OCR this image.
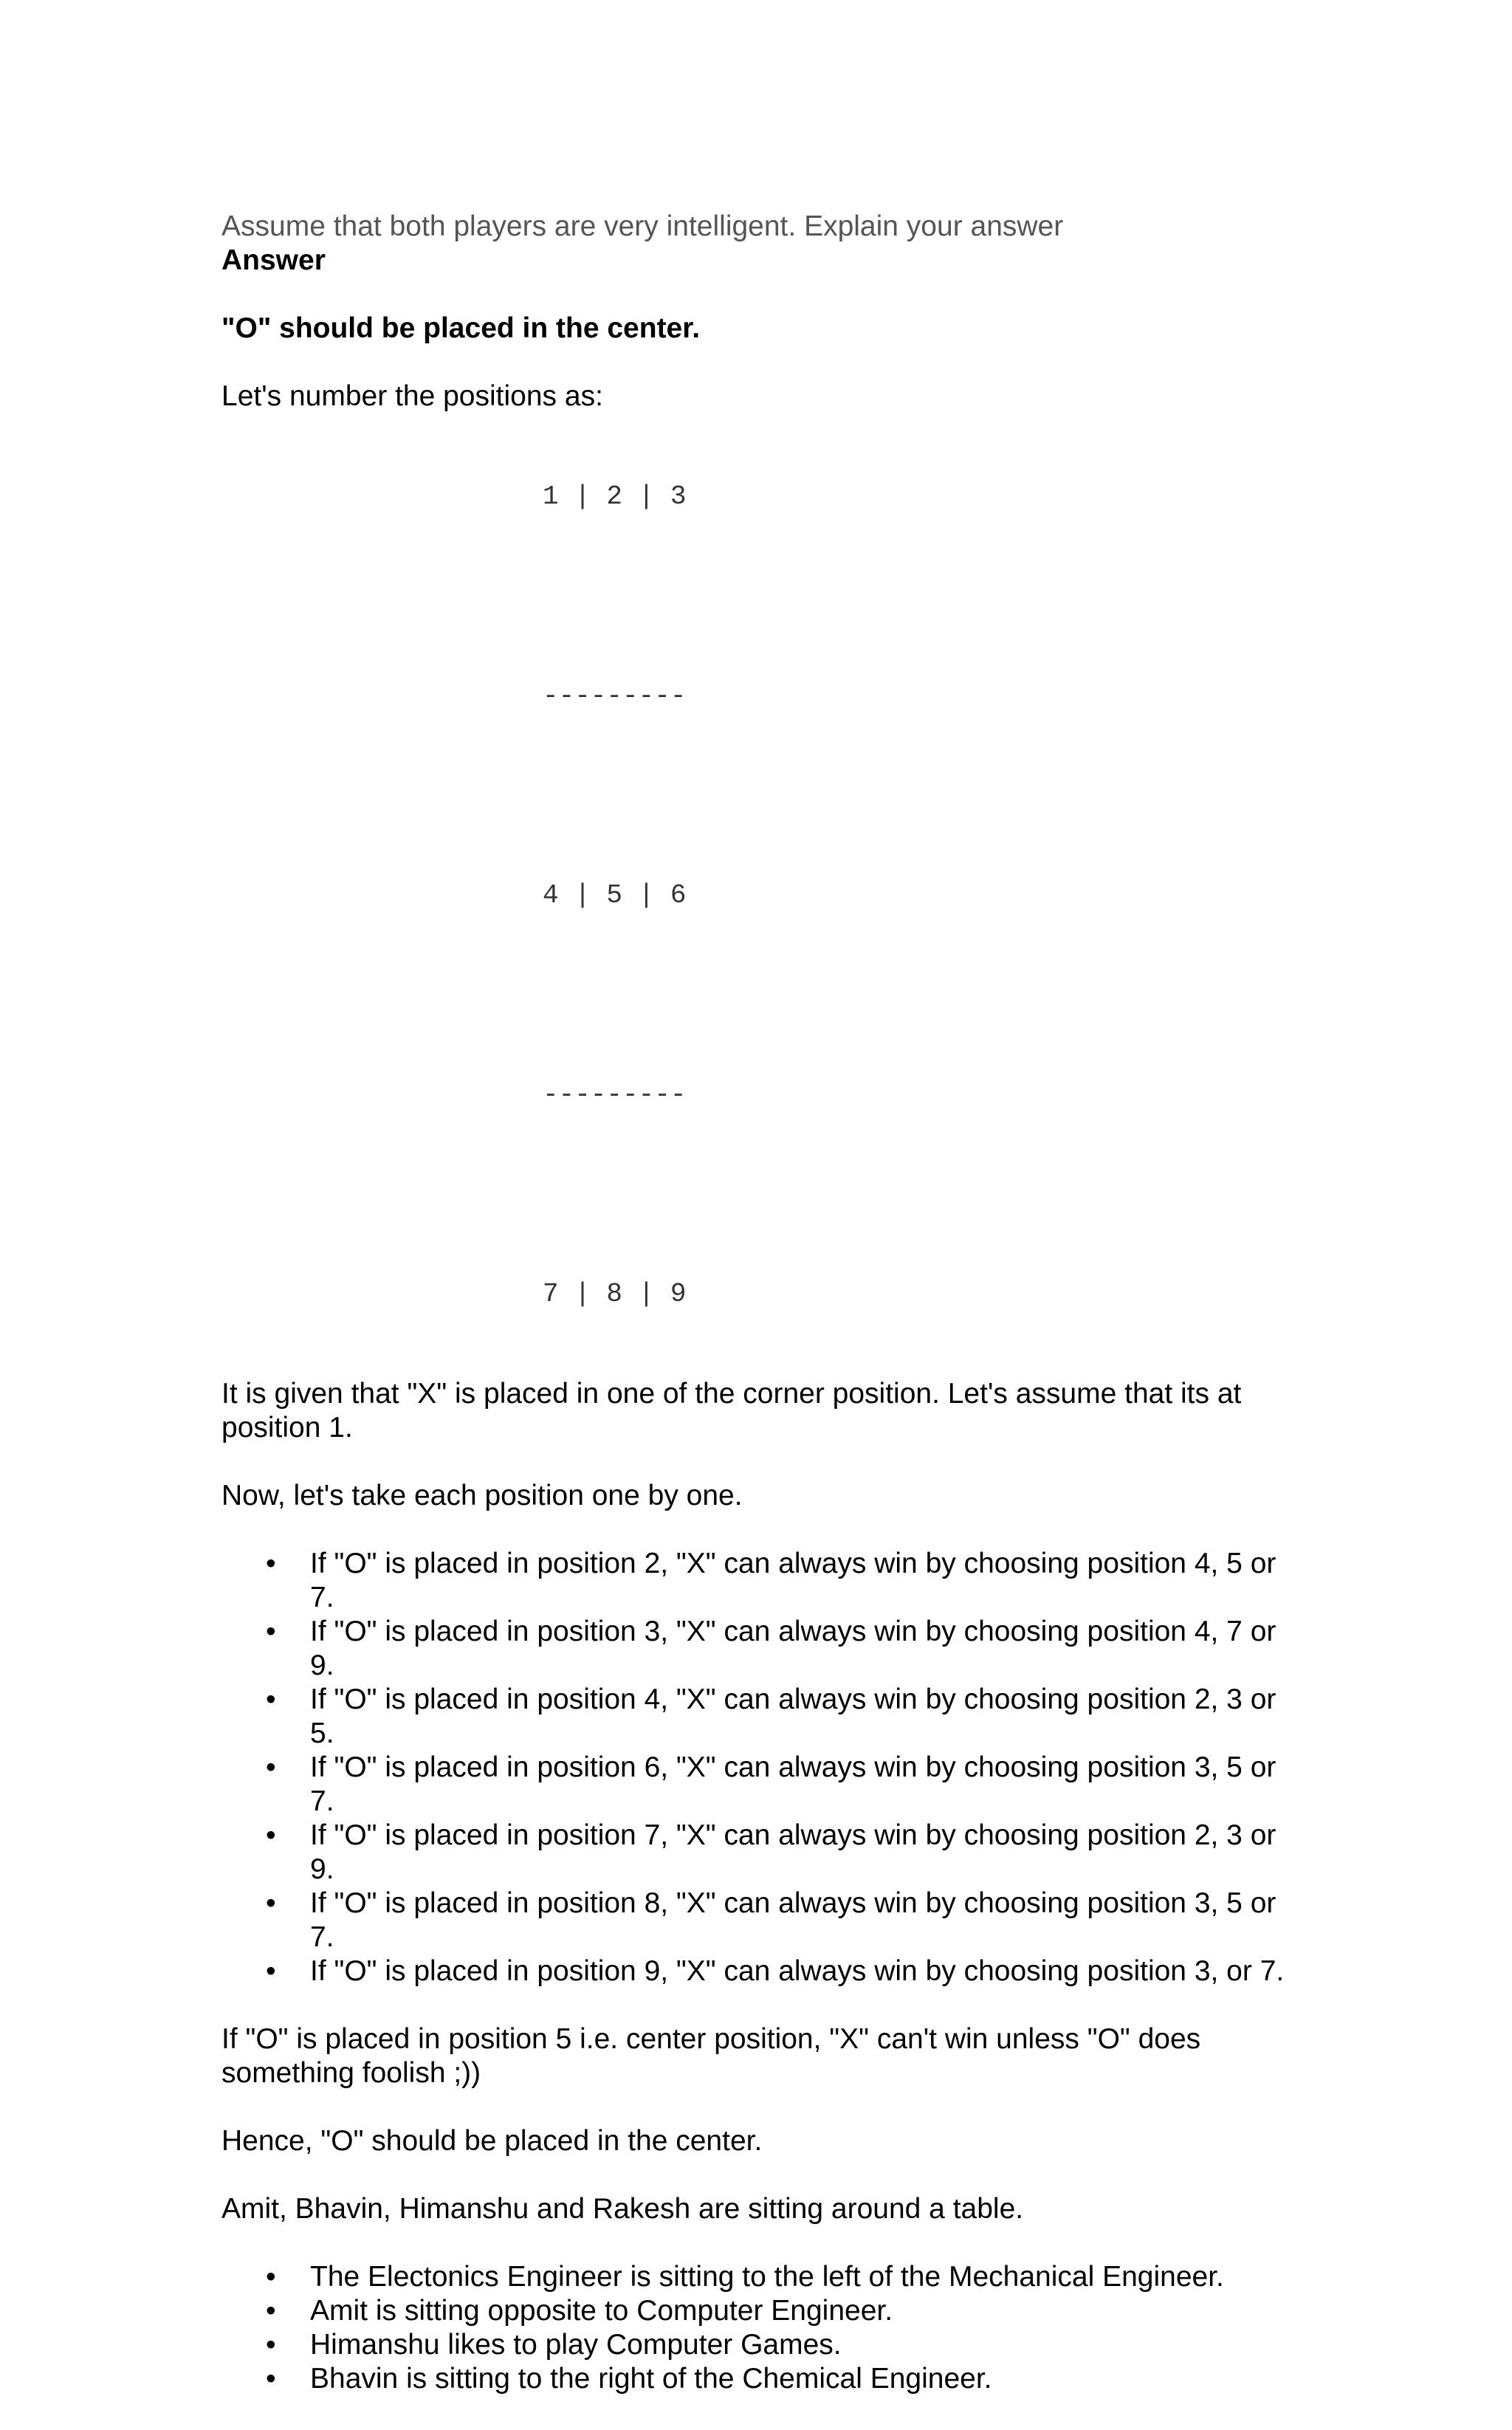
Assume that both players are very intelligent. Explain your answer

Answer

"O" should be placed in the center.

Let's number the positions as:

1 | 2 | 3

---------

4 | 5 | 6

---------

7 | 8 | 9

It is given that "X" is placed in one of the corner position. Let's assume that its at position 1.

Now, let's take each position one by one.

• If "O" is placed in position 2, "X" can always win by choosing position 4, 5 or 7.
• If "O" is placed in position 3, "X" can always win by choosing position 4, 7 or 9.
• If "O" is placed in position 4, "X" can always win by choosing position 2, 3 or 5.
• If "O" is placed in position 6, "X" can always win by choosing position 3, 5 or 7.
• If "O" is placed in position 7, "X" can always win by choosing position 2, 3 or 9.
• If "O" is placed in position 8, "X" can always win by choosing position 3, 5 or 7.
• If "O" is placed in position 9, "X" can always win by choosing position 3, or 7.

If "O" is placed in position 5 i.e. center position, "X" can't win unless "O" does something foolish ;))

Hence, "O" should be placed in the center.

Amit, Bhavin, Himanshu and Rakesh are sitting around a table.

• The Electonics Engineer is sitting to the left of the Mechanical Engineer.
• Amit is sitting opposite to Computer Engineer.
• Himanshu likes to play Computer Games.
• Bhavin is sitting to the right of the Chemical Engineer.
